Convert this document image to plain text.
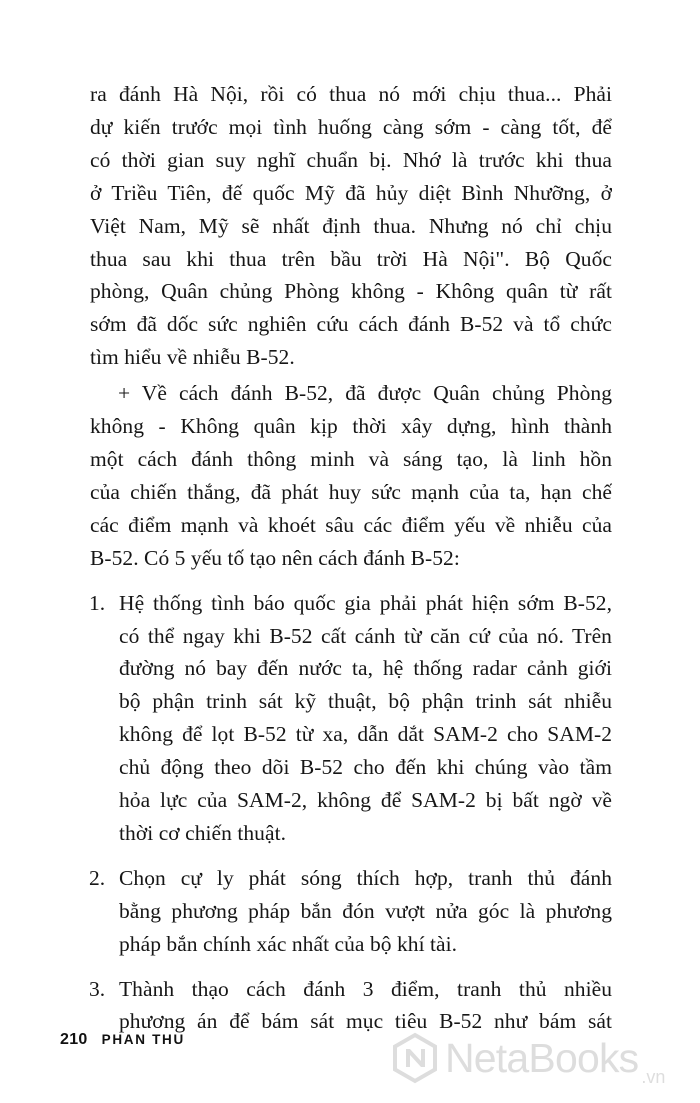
ra đánh Hà Nội, rồi có thua nó mới chịu thua... Phải
dự kiến trước mọi tình huống càng sớm - càng tốt, để
có thời gian suy nghĩ chuẩn bị. Nhớ là trước khi thua
ở Triều Tiên, đế quốc Mỹ đã hủy diệt Bình Nhưỡng, ở
Việt Nam, Mỹ sẽ nhất định thua. Nhưng nó chỉ chịu
thua sau khi thua trên bầu trời Hà Nội". Bộ Quốc
phòng, Quân chủng Phòng không - Không quân từ rất
sớm đã dốc sức nghiên cứu cách đánh B-52 và tổ chức
tìm hiểu về nhiễu B-52.
+ Về cách đánh B-52, đã được Quân chủng Phòng
không - Không quân kịp thời xây dựng, hình thành
một cách đánh thông minh và sáng tạo, là linh hồn
của chiến thắng, đã phát huy sức mạnh của ta, hạn chế
các điểm mạnh và khoét sâu các điểm yếu về nhiễu của
B-52. Có 5 yếu tố tạo nên cách đánh B-52:
1. Hệ thống tình báo quốc gia phải phát hiện sớm B-52,
có thể ngay khi B-52 cất cánh từ căn cứ của nó. Trên
đường nó bay đến nước ta, hệ thống radar cảnh giới
bộ phận trinh sát kỹ thuật, bộ phận trinh sát nhiễu
không để lọt B-52 từ xa, dẫn dắt SAM-2 cho SAM-2
chủ động theo dõi B-52 cho đến khi chúng vào tầm
hỏa lực của SAM-2, không để SAM-2 bị bất ngờ về
thời cơ chiến thuật.
2. Chọn cự ly phát sóng thích hợp, tranh thủ đánh
bằng phương pháp bắn đón vượt nửa góc là phương
pháp bắn chính xác nhất của bộ khí tài.
3. Thành thạo cách đánh 3 điểm, tranh thủ nhiều
phương án để bám sát mục tiêu B-52 như bám sát
210 PHAN THU	NetaBooks $_{.vn}$
